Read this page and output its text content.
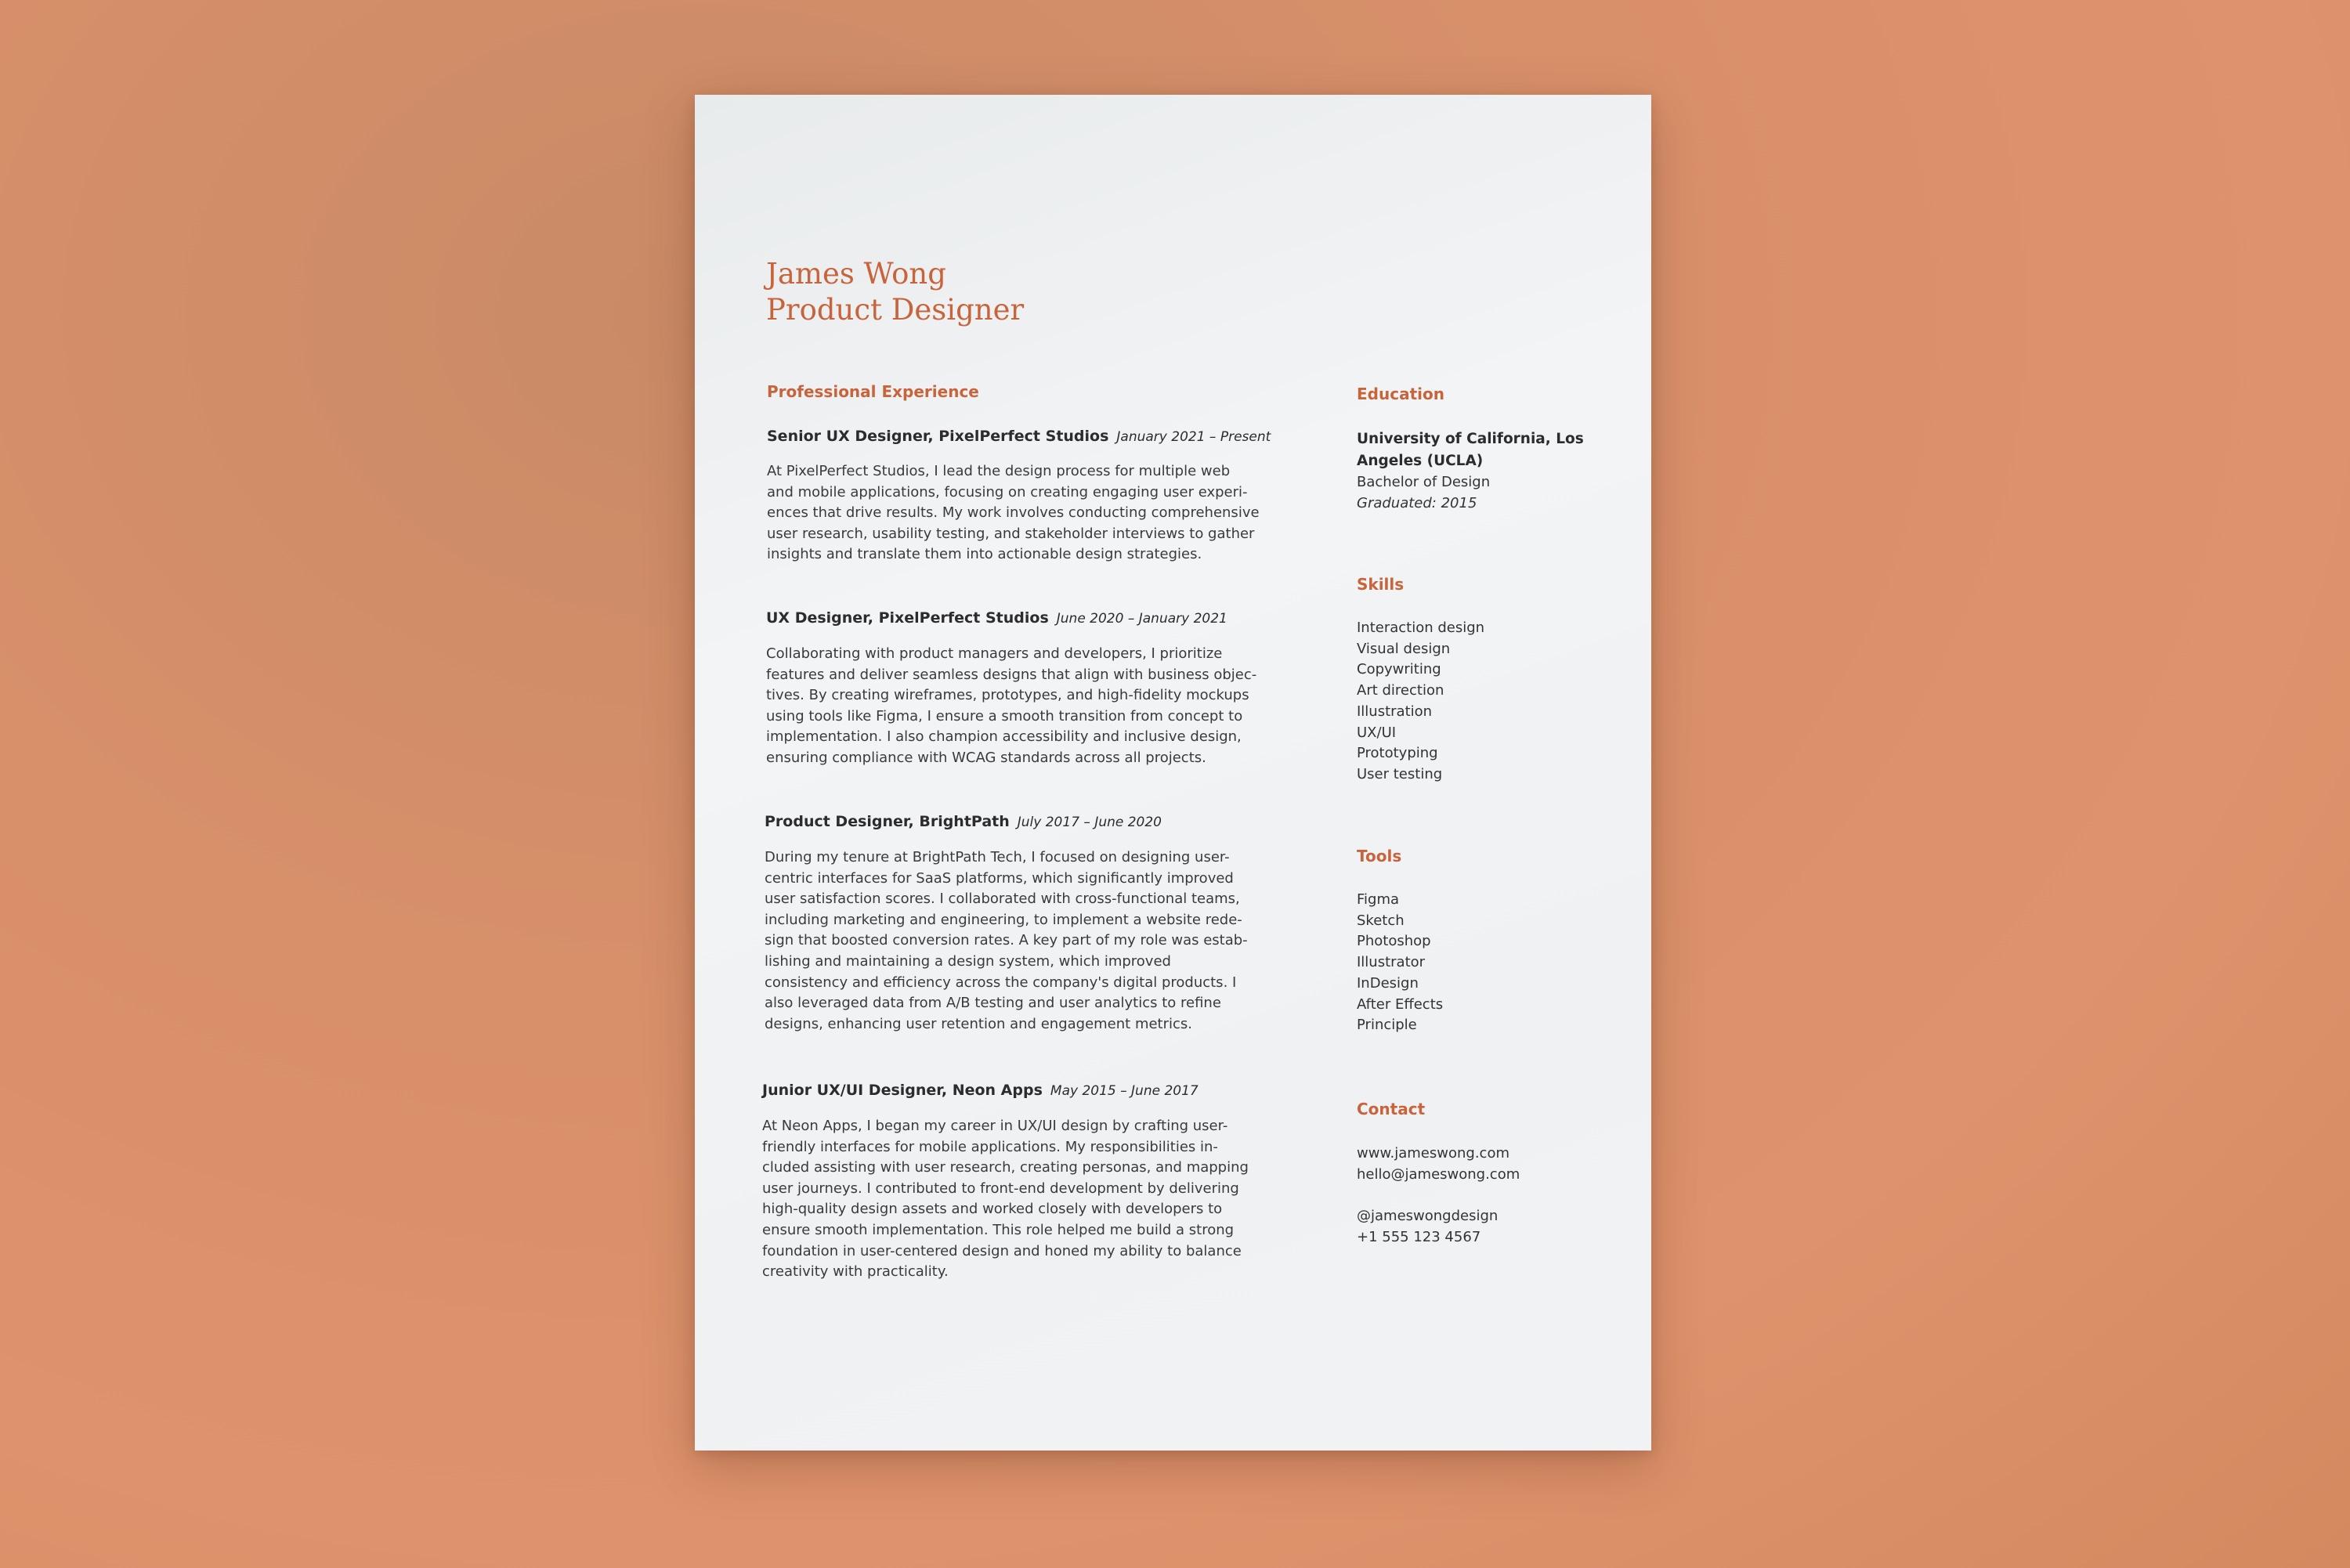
James Wong
Product Designer
Professional Experience
Senior UX Designer, PixelPerfect Studios January 2021 – Present

At PixelPerfect Studios, I lead the design process for multiple web and mobile applications, focusing on creating engaging user experi-ences that drive results. My work involves conducting comprehensive user research, usability testing, and stakeholder interviews to gather insights and translate them into actionable design strategies.

UX Designer, PixelPerfect Studios June 2020 – January 2021

Collaborating with product managers and developers, I prioritize features and deliver seamless designs that align with business objec-tives. By creating wireframes, prototypes, and high-fidelity mockups using tools like Figma, I ensure a smooth transition from concept to implementation. I also champion accessibility and inclusive design, ensuring compliance with WCAG standards across all projects.

Product Designer, BrightPath July 2017 – June 2020

During my tenure at BrightPath Tech, I focused on designing user-centric interfaces for SaaS platforms, which significantly improved user satisfaction scores. I collaborated with cross-functional teams, including marketing and engineering, to implement a website rede-sign that boosted conversion rates. A key part of my role was estab-lishing and maintaining a design system, which improved consistency and efficiency across the company's digital products. I also leveraged data from A/B testing and user analytics to refine designs, enhancing user retention and engagement metrics.

Junior UX/UI Designer, Neon Apps May 2015 – June 2017

At Neon Apps, I began my career in UX/UI design by crafting user-friendly interfaces for mobile applications. My responsibilities in-cluded assisting with user research, creating personas, and mapping user journeys. I contributed to front-end development by delivering high-quality design assets and worked closely with developers to ensure smooth implementation. This role helped me build a strong foundation in user-centered design and honed my ability to balance creativity with practicality.

Education
University of California, Los Angeles (UCLA)
Bachelor of Design
Graduated: 2015
Skills
Interaction design
Visual design
Copywriting
Art direction
Illustration
UX/UI
Prototyping
User testing
Tools
Figma
Sketch
Photoshop
Illustrator
InDesign
After Effects
Principle
Contact
www.jameswong.com
hello@jameswong.com
@jameswongdesign
+1 555 123 4567
